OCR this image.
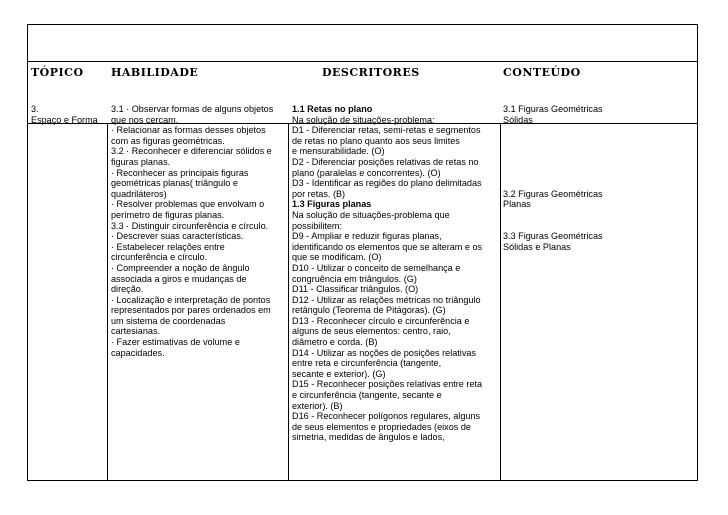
TÓPICO HABILIDADE	DESCRITORES	CONTEÚDO

3.

Espaço e Forma

3.1 · Observar formas de alguns objetos

que nos cercam.

· Relacionar as formas desses objetos

com as figuras geométricas.

3.2 · Reconhecer e diferenciar sólidos e

figuras planas.

· Reconhecer as principais figuras

geométricas planas( triângulo e

quadriláteros)

· Resolver problemas que envolvam o

perímetro de figuras planas.

3.3 · Distinguir circunferência e círculo.

· Descrever suas características.

· Estabelecer relações entre

circunferência e círculo.

· Compreender a noção de ângulo

associada a giros e mudanças de

direção.

· Localização e interpretação de pontos

representados por pares ordenados em

um sistema de coordenadas

cartesianas.

· Fazer estimativas de volume e

capacidades.

1.1 Retas no plano

Na solução de situações-problema:

D1 - Diferenciar retas, semi-retas e segmentos

de retas no plano quanto aos seus limites

e mensurabilidade. (O)

D2 - Diferenciar posições relativas de retas no

plano (paralelas e concorrentes). (O)

D3 - Identificar as regiões do plano delimitadas

por retas. (B)

1.3 Figuras planas

Na solução de situações-problema que

possibilitem:

D9 - Ampliar e reduzir figuras planas,

identificando os elementos que se alteram e os

que se modificam. (O)

D10 - Utilizar o conceito de semelhança e

congruência em triângulos. (G)

D11 - Classificar triângulos. (O)

D12 - Utilizar as relações métricas no triângulo

retângulo (Teorema de Pitágoras). (G)

D13 - Reconhecer círculo e circunferência e

alguns de seus elementos: centro, raio,

diâmetro e corda. (B)

D14 - Utilizar as noções de posições relativas

entre reta e circunferência (tangente,

secante e exterior). (G)

D15 - Reconhecer posições relativas entre reta

e circunferência (tangente, secante e

exterior). (B)

D16 - Reconhecer polígonos regulares, alguns

de seus elementos e propriedades (eixos de

simetria, medidas de ângulos e lados,

3.1 Figuras Geométricas

Sólidas

3.2 Figuras Geométricas

Planas

3.3 Figuras Geométricas

Sólidas e Planas
